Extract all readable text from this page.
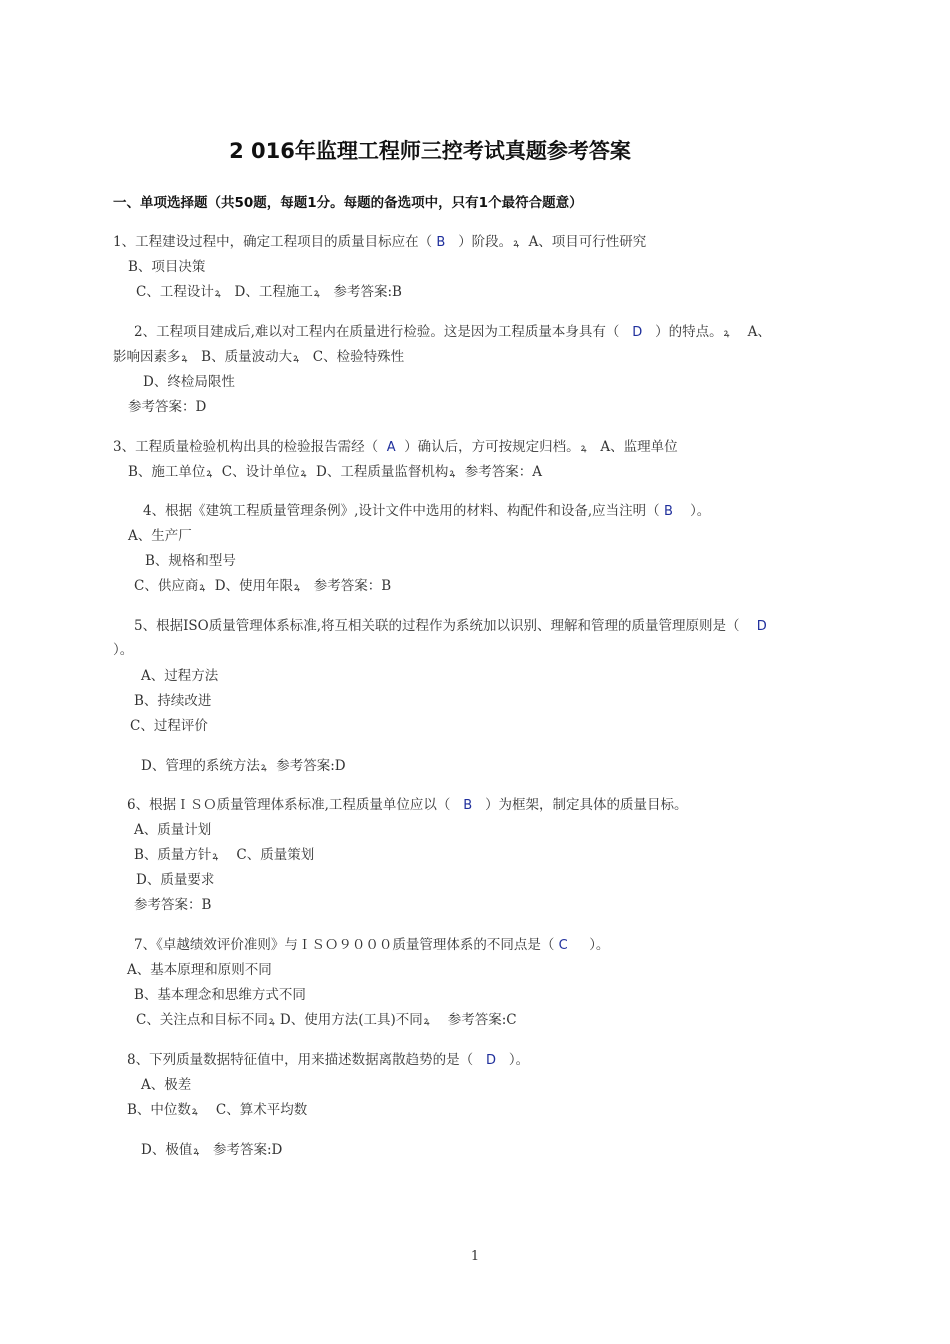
2 016年监理工程师三控考试真题参考答案
一、单项选择题（共50题，每题1分。每题的备选项中，只有1个最符合题意）
1、工程建设过程中，确定工程项目的质量目标应在（ B ）阶段。ꝝ A、项目可行性研究
B、项目决策
C、工程设计ꝝ D、工程施工ꝝ 参考答案:B
2、工程项目建成后,难以对工程内在质量进行检验。这是因为工程质量本身具有（ D ）的特点。ꝝ A、
影响因素多ꝝ B、质量波动大ꝝ C、检验特殊性
D、终检局限性
参考答案：D
3、工程质量检验机构出具的检验报告需经（ A ）确认后，方可按规定归档。ꝝ A、监理单位
B、施工单位ꝝ C、设计单位ꝝ D、工程质量监督机构ꝝ 参考答案：A
4、根据《建筑工程质量管理条例》,设计文件中选用的材料、构配件和设备,应当注明（ B ）。
A、生产厂
B、规格和型号
C、供应商ꝝ D、使用年限ꝝ 参考答案：B
5、根据ISO质量管理体系标准,将互相关联的过程作为系统加以识别、理解和管理的质量管理原则是（ D
）。
A、过程方法
B、持续改进
C、过程评价
D、管理的系统方法ꝝ 参考答案:D
6、根据ＩＳＯ质量管理体系标准,工程质量单位应以（ B ）为框架，制定具体的质量目标。
A、质量计划
B、质量方针ꝝ C、质量策划
D、质量要求
参考答案：B
7、《卓越绩效评价准则》与ＩＳＯ９０００质量管理体系的不同点是（ C ）。
A、基本原理和原则不同
B、基本理念和思维方式不同
C、关注点和目标不同ꝝ D、使用方法(工具)不同ꝝ 参考答案:C
8、下列质量数据特征值中，用来描述数据离散趋势的是（ D ）。
A、极差
B、中位数ꝝ C、算术平均数
D、极值ꝝ 参考答案:D
1
